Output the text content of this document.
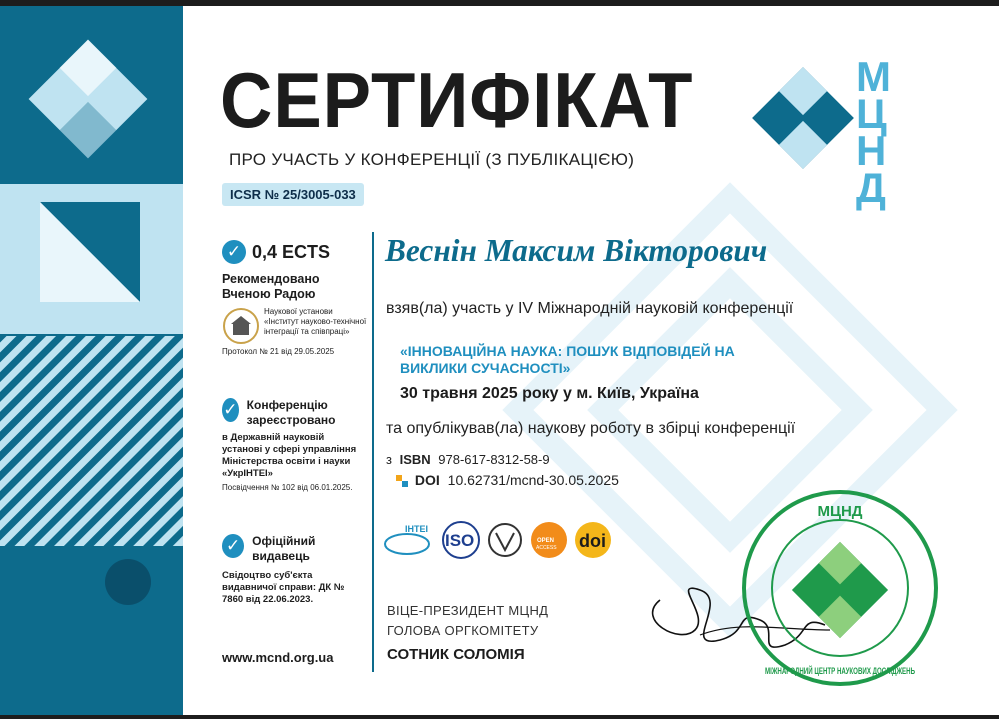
СЕРТИФІКАТ
ПРО УЧАСТЬ У КОНФЕРЕНЦІЇ (З ПУБЛІКАЦІЄЮ)
ICSR № 25/3005-033
МЦНД
✓ 0,4 ECTS
Рекомендовано Вченою Радою
Наукової установи «Інститут науково-технічної інтеграції та співпраці»
Протокол № 21 від 29.05.2025
✓ Конференцію зареєстровано
в Державній науковій установі у сфері управління Міністерства освіти і науки «УкрІНТЕІ»
Посвідчення № 102 від 06.01.2025.
✓ Офіційний видавець
Свідоцтво суб'єкта видавничої справи: ДК № 7860 від 22.06.2023.
www.mcnd.org.ua
Веснін Максим Вікторович
взяв(ла) участь у IV Міжнародній науковій конференції
«ІННОВАЦІЙНА НАУКА: ПОШУК ВІДПОВІДЕЙ НА ВИКЛИКИ СУЧАСНОСТІ»
30 травня 2025 року у м. Київ, Україна
та опублікував(ла) наукову роботу в збірці конференції
з ISBN 978-617-8312-58-9
DOI 10.62731/mcnd-30.05.2025
ІНТЕІ
ISO	OPEN
ACCESS doi
ВІЦЕ-ПРЕЗИДЕНТ МЦНД
ГОЛОВА ОРГКОМІТЕТУ
СОТНИК СОЛОМІЯ
МЦНД
МІЖНАРОДНИЙ ЦЕНТР НАУКОВИХ ДОСЛІДЖЕНЬ
